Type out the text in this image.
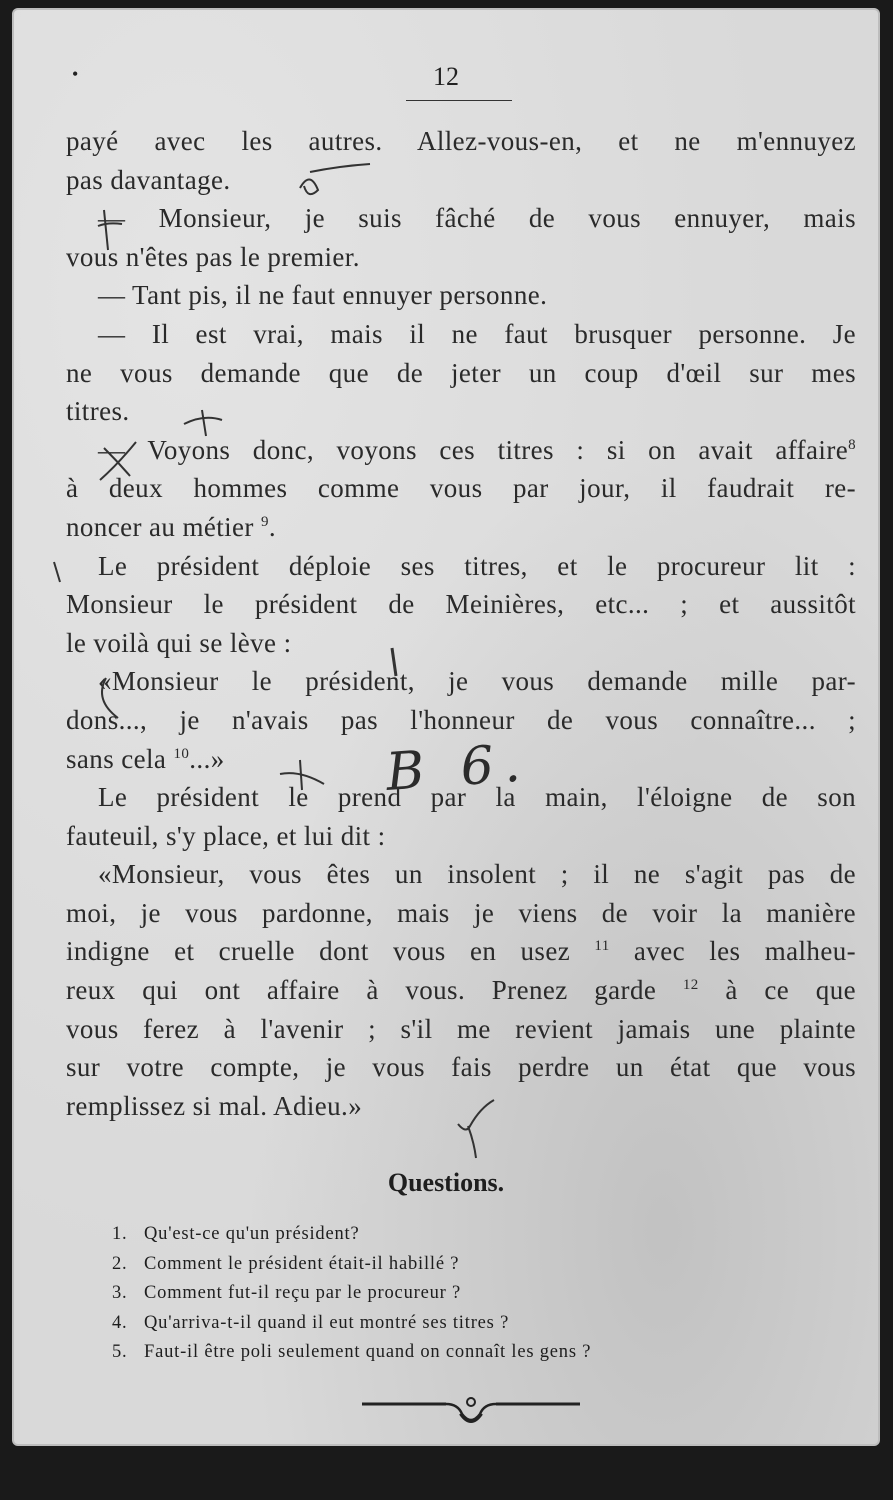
•	12

payé avec les autres. Allez-vous-en, et ne m'ennuyez
pas davantage.

— Monsieur, je suis fâché de vous ennuyer, mais
vous n'êtes pas le premier.

— Tant pis, il ne faut ennuyer personne.

— Il est vrai, mais il ne faut brusquer personne. Je
ne vous demande que de jeter un coup d'œil sur mes
titres.

— Voyons donc, voyons ces titres : si on avait affaire$^8$
à deux hommes comme vous par jour, il faudrait re-
noncer au métier $^9$.

Le président déploie ses titres, et le procureur lit :
Monsieur le président de Meinières, etc... ; et aussitôt
le voilà qui se lève :

«Monsieur le président, je vous demande mille par-
dons..., je n'avais pas l'honneur de vous connaître... ;
sans cela $^{10}$...»

Le président le prend par la main, l'éloigne de son
fauteuil, s'y place, et lui dit :

«Monsieur, vous êtes un insolent ; il ne s'agit pas de
moi, je vous pardonne, mais je viens de voir la manière
indigne et cruelle dont vous en usez $^{11}$ avec les malheu-
reux qui ont affaire à vous. Prenez garde $^{12}$ à ce que
vous ferez à l'avenir ; s'il me revient jamais une plainte
sur votre compte, je vous fais perdre un état que vous
remplissez si mal. Adieu.»

B 6.
Questions.
1. Qu'est-ce qu'un président?
2. Comment le président était-il habillé ?
3. Comment fut-il reçu par le procureur ?
4. Qu'arriva-t-il quand il eut montré ses titres ?
5. Faut-il être poli seulement quand on connaît les gens ?
